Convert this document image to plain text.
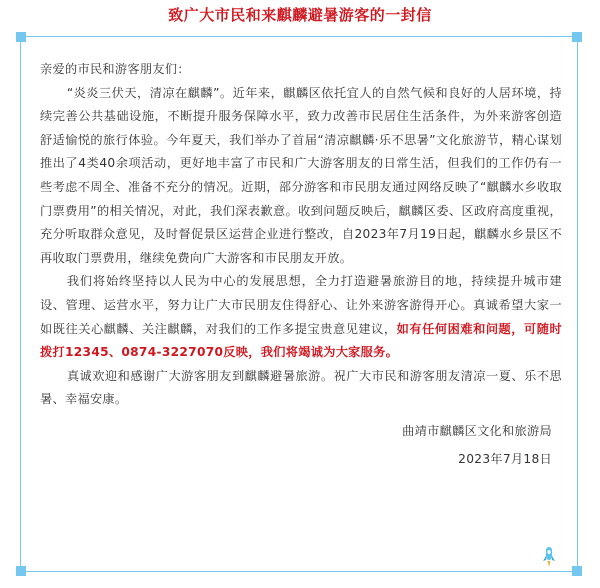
致广大市民和来麒麟避暑游客的一封信

亲爱的市民和游客朋友们：

“炎炎三伏天，清凉在麒麟”。近年来，麒麟区依托宜人的自然气候和良好的人居环境，持续完善公共基础设施，不断提升服务保障水平，致力改善市民居住生活条件，为外来游客创造舒适愉悦的旅行体验。今年夏天，我们举办了首届“清凉麒麟·乐不思暑”文化旅游节，精心谋划推出了4类40余项活动，更好地丰富了市民和广大游客朋友的日常生活，但我们的工作仍有一些考虑不周全、准备不充分的情况。近期，部分游客和市民朋友通过网络反映了“麒麟水乡收取门票费用”的相关情况，对此，我们深表歉意。收到问题反映后，麒麟区委、区政府高度重视，充分听取群众意见，及时督促景区运营企业进行整改，自2023年7月19日起，麒麟水乡景区不再收取门票费用，继续免费向广大游客和市民朋友开放。

我们将始终坚持以人民为中心的发展思想，全力打造避暑旅游目的地，持续提升城市建设、管理、运营水平，努力让广大市民朋友住得舒心、让外来游客游得开心。真诚希望大家一如既往关心麒麟、关注麒麟，对我们的工作多提宝贵意见建议，如有任何困难和问题，可随时拨打12345、0874-3227070反映，我们将竭诚为大家服务。

真诚欢迎和感谢广大游客朋友到麒麟避暑旅游。祝广大市民和游客朋友清凉一夏、乐不思暑、幸福安康。

曲靖市麒麟区文化和旅游局

2023年7月18日
